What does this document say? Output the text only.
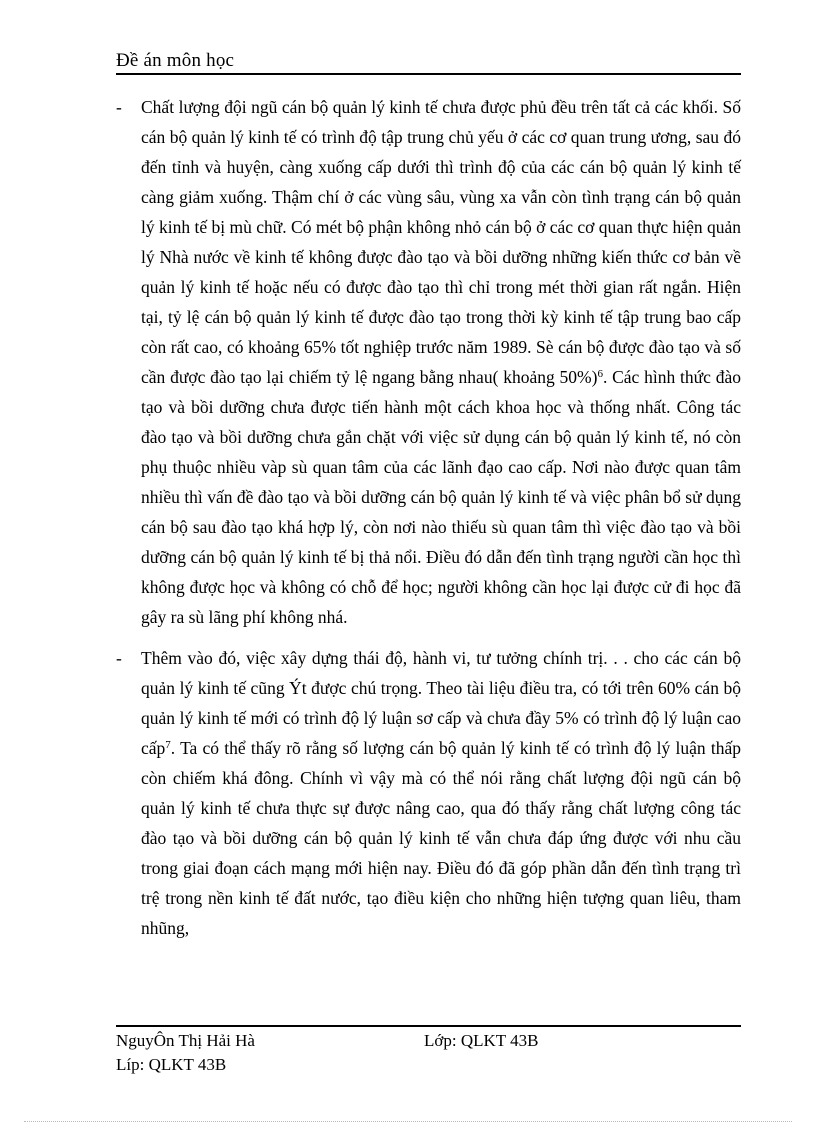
Đề án môn học
-	Chất lượng đội ngũ cán bộ quản lý kinh tế chưa được phủ đều trên tất cả các khối. Số cán bộ quản lý kinh tế có trình độ tập trung chủ yếu ở các cơ quan trung ương, sau đó đến tỉnh và huyện, càng xuống cấp dưới thì trình độ của các cán bộ quản lý kinh tế càng giảm xuống. Thậm chí ở các vùng sâu, vùng xa vẫn còn tình trạng cán bộ quản lý kinh tế bị mù chữ. Có mét bộ phận không nhỏ cán bộ ở các cơ quan thực hiện quản lý Nhà nước về kinh tế không được đào tạo và bồi dưỡng những kiến thức cơ bản về quản lý kinh tế hoặc nếu có được đào tạo thì chỉ trong mét thời gian rất ngắn. Hiện tại, tỷ lệ cán bộ quản lý kinh tế được đào tạo trong thời kỳ kinh tế tập trung bao cấp còn rất cao, có khoảng 65% tốt nghiệp trước năm 1989. Sè cán bộ được đào tạo và số cần được đào tạo lại chiếm tỷ lệ ngang bằng nhau( khoảng 50%)$^6$. Các hình thức đào tạo và bồi dưỡng chưa được tiến hành một cách khoa học và thống nhất. Công tác đào tạo và bồi dưỡng chưa gắn chặt với việc sử dụng cán bộ quản lý kinh tế, nó còn phụ thuộc nhiều vàp sù quan tâm của các lãnh đạo cao cấp. Nơi nào được quan tâm nhiều thì vấn đề đào tạo và bồi dưỡng cán bộ quản lý kinh tế và việc phân bổ sử dụng cán bộ sau đào tạo khá hợp lý, còn nơi nào thiếu sù quan tâm thì việc đào tạo và bồi dưỡng cán bộ quản lý kinh tế bị thả nổi. Điều đó dẫn đến tình trạng người cần học thì không được học và không có chỗ để học; người không cần học lại được cử đi học đã gây ra sù lãng phí không nhá.
-	Thêm vào đó, việc xây dựng thái độ, hành vi, tư tưởng chính trị. . . cho các cán bộ quản lý kinh tế cũng Ýt được chú trọng. Theo tài liệu điều tra, có tới trên 60% cán bộ quản lý kinh tế mới có trình độ lý luận sơ cấp và chưa đầy 5% có trình độ lý luận cao cấp$^7$. Ta có thể thấy rõ rằng số lượng cán bộ quản lý kinh tế có trình độ lý luận thấp còn chiếm khá đông. Chính vì vậy mà có thể nói rằng chất lượng đội ngũ cán bộ quản lý kinh tế chưa thực sự được nâng cao, qua đó thấy rằng chất lượng công tác đào tạo và bồi dưỡng cán bộ quản lý kinh tế vẫn chưa đáp ứng được với nhu cầu trong giai đoạn cách mạng mới hiện nay. Điều đó đã góp phần dẫn đến tình trạng trì trệ trong nền kinh tế đất nước, tạo điều kiện cho những hiện tượng quan liêu, tham nhũng,
NguyÔn Thị Hải Hà	Lớp: QLKT 43B
Líp: QLKT 43B
